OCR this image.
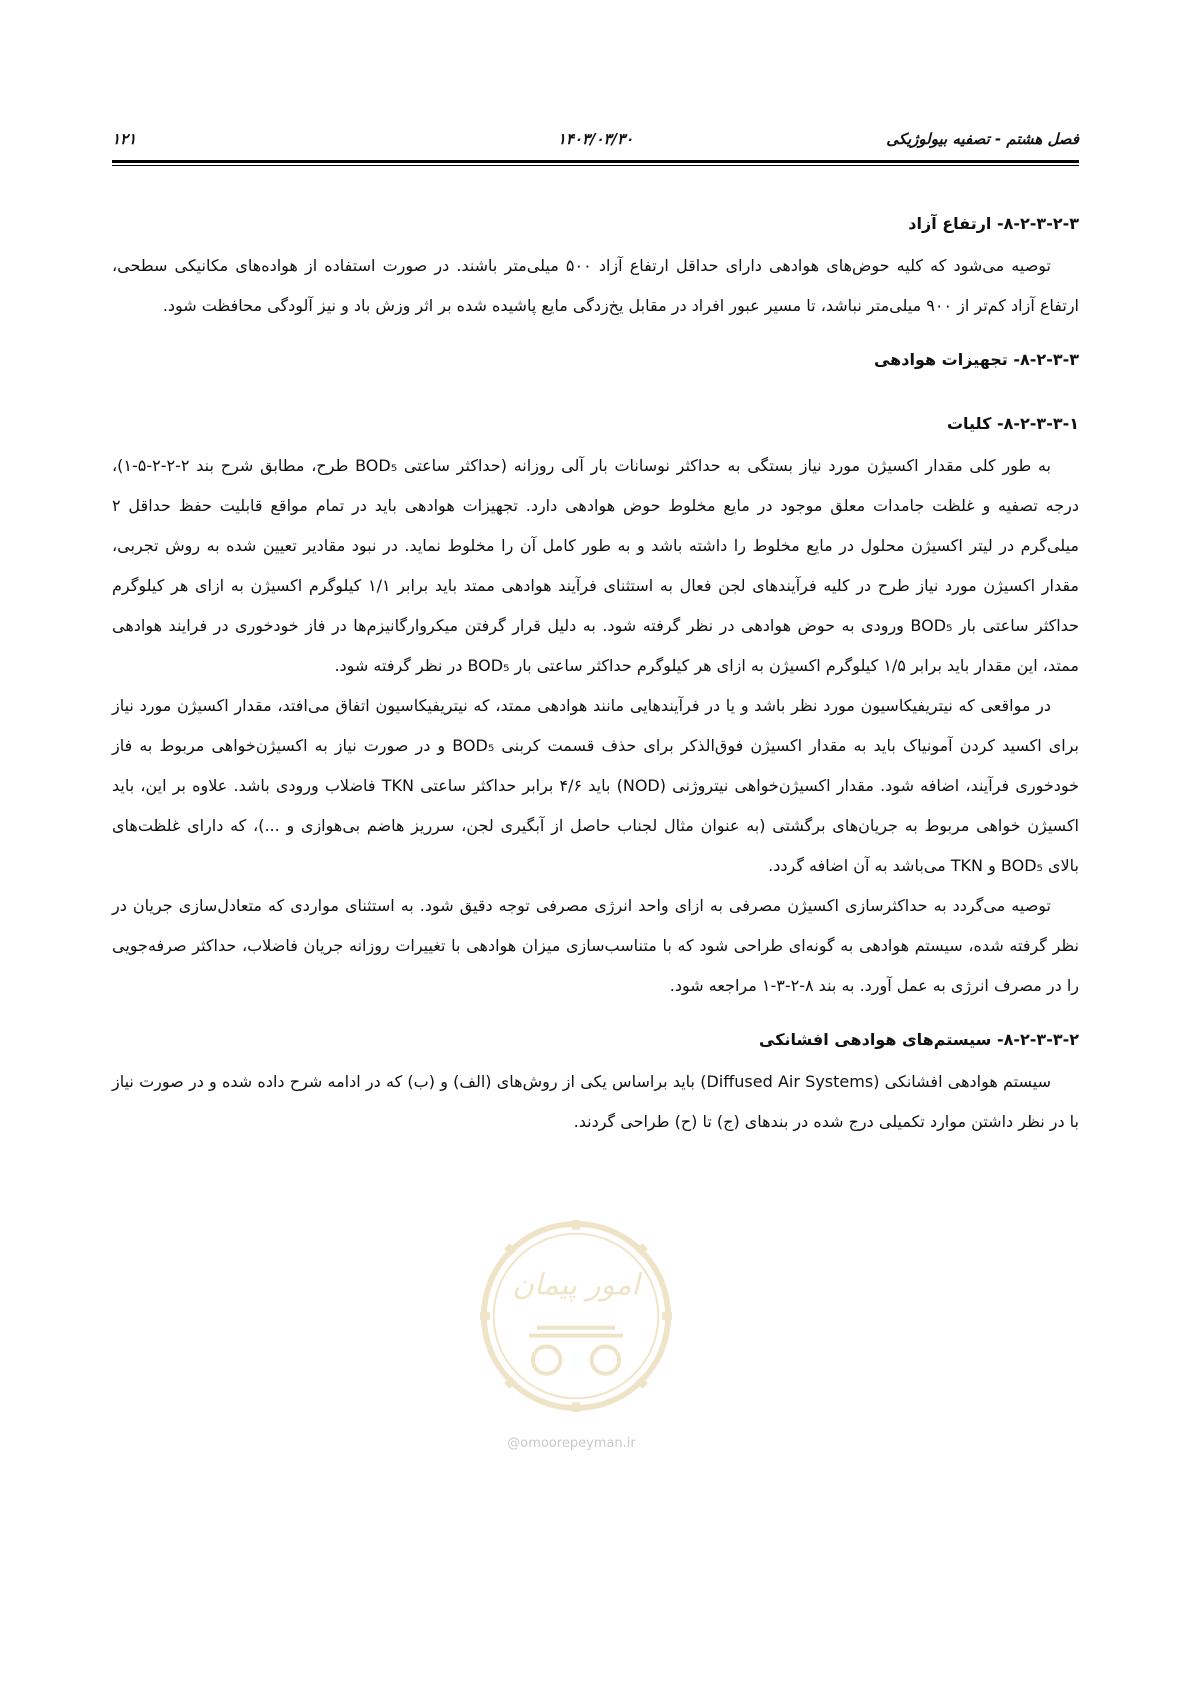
فصل هشتم - تصفیه بیولوژیکی
۱۴۰۳/۰۳/۳۰
۱۲۱
۸-۲-۳-۲-۳- ارتفاع آزاد

توصیه می‌شود که کلیه حوض‌های هوادهی دارای حداقل ارتفاع آزاد ۵۰۰ میلی‌متر باشند. در صورت استفاده از هواده‌های مکانیکی سطحی، ارتفاع آزاد کم‌تر از ۹۰۰ میلی‌متر نباشد، تا مسیر عبور افراد در مقابل یخ‌زدگی مایع پاشیده شده بر اثر وزش باد و نیز آلودگی محافظت شود.

۸-۲-۳-۳- تجهیزات هوادهی
۸-۲-۳-۳-۱- کلیات

به طور کلی مقدار اکسیژن مورد نیاز بستگی به حداکثر نوسانات بار آلی روزانه (حداکثر ساعتی BOD₅ طرح، مطابق شرح بند ۲-۲-۲-۵-۱)، درجه تصفیه و غلظت جامدات معلق موجود در مایع مخلوط حوض هوادهی دارد. تجهیزات هوادهی باید در تمام مواقع قابلیت حفظ حداقل ۲ میلی‌گرم در لیتر اکسیژن محلول در مایع مخلوط را داشته باشد و به طور کامل آن را مخلوط نماید. در نبود مقادیر تعیین شده به روش تجربی، مقدار اکسیژن مورد نیاز طرح در کلیه فرآیندهای لجن فعال به استثنای فرآیند هوادهی ممتد باید برابر ۱/۱ کیلوگرم اکسیژن به ازای هر کیلوگرم حداکثر ساعتی بار BOD₅ ورودی به حوض هوادهی در نظر گرفته شود. به دلیل قرار گرفتن میکروارگانیزم‌ها در فاز خودخوری در فرایند هوادهی ممتد، این مقدار باید برابر ۱/۵ کیلوگرم اکسیژن به ازای هر کیلوگرم حداکثر ساعتی بار BOD₅ در نظر گرفته شود.

در مواقعی که نیتریفیکاسیون مورد نظر باشد و یا در فرآیندهایی مانند هوادهی ممتد، که نیتریفیکاسیون اتفاق می‌افتد، مقدار اکسیژن مورد نیاز برای اکسید کردن آمونیاک باید به مقدار اکسیژن فوق‌الذکر برای حذف قسمت کربنی BOD₅ و در صورت نیاز به اکسیژن‌خواهی مربوط به فاز خودخوری فرآیند، اضافه شود. مقدار اکسیژن‌خواهی نیتروژنی (NOD) باید ۴/۶ برابر حداکثر ساعتی TKN فاضلاب ورودی باشد. علاوه بر این، باید اکسیژن خواهی مربوط به جریان‌های برگشتی (به عنوان مثال لجناب حاصل از آبگیری لجن، سرریز هاضم بی‌هوازی و ...)، که دارای غلظت‌های بالای BOD₅ و TKN می‌باشد به آن اضافه گردد.

توصیه می‌گردد به حداکثرسازی اکسیژن مصرفی به ازای واحد انرژی مصرفی توجه دقیق شود. به استثنای مواردی که متعادل‌سازی جریان در نظر گرفته شده، سیستم هوادهی به گونه‌ای طراحی شود که با متناسب‌سازی میزان هوادهی با تغییرات روزانه جریان فاضلاب، حداکثر صرفه‌جویی را در مصرف انرژی به عمل آورد. به بند ۸-۲-۳-۱ مراجعه شود.

۸-۲-۳-۳-۲- سیستم‌های هوادهی افشانکی

سیستم هوادهی افشانکی (Diffused Air Systems) باید براساس یکی از روش‌های (الف) و (ب) که در ادامه شرح داده شده و در صورت نیاز با در نظر داشتن موارد تکمیلی درج شده در بندهای (ج) تا (ح) طراحی گردند.

امور پیمان
@omoorepeyman.ir
